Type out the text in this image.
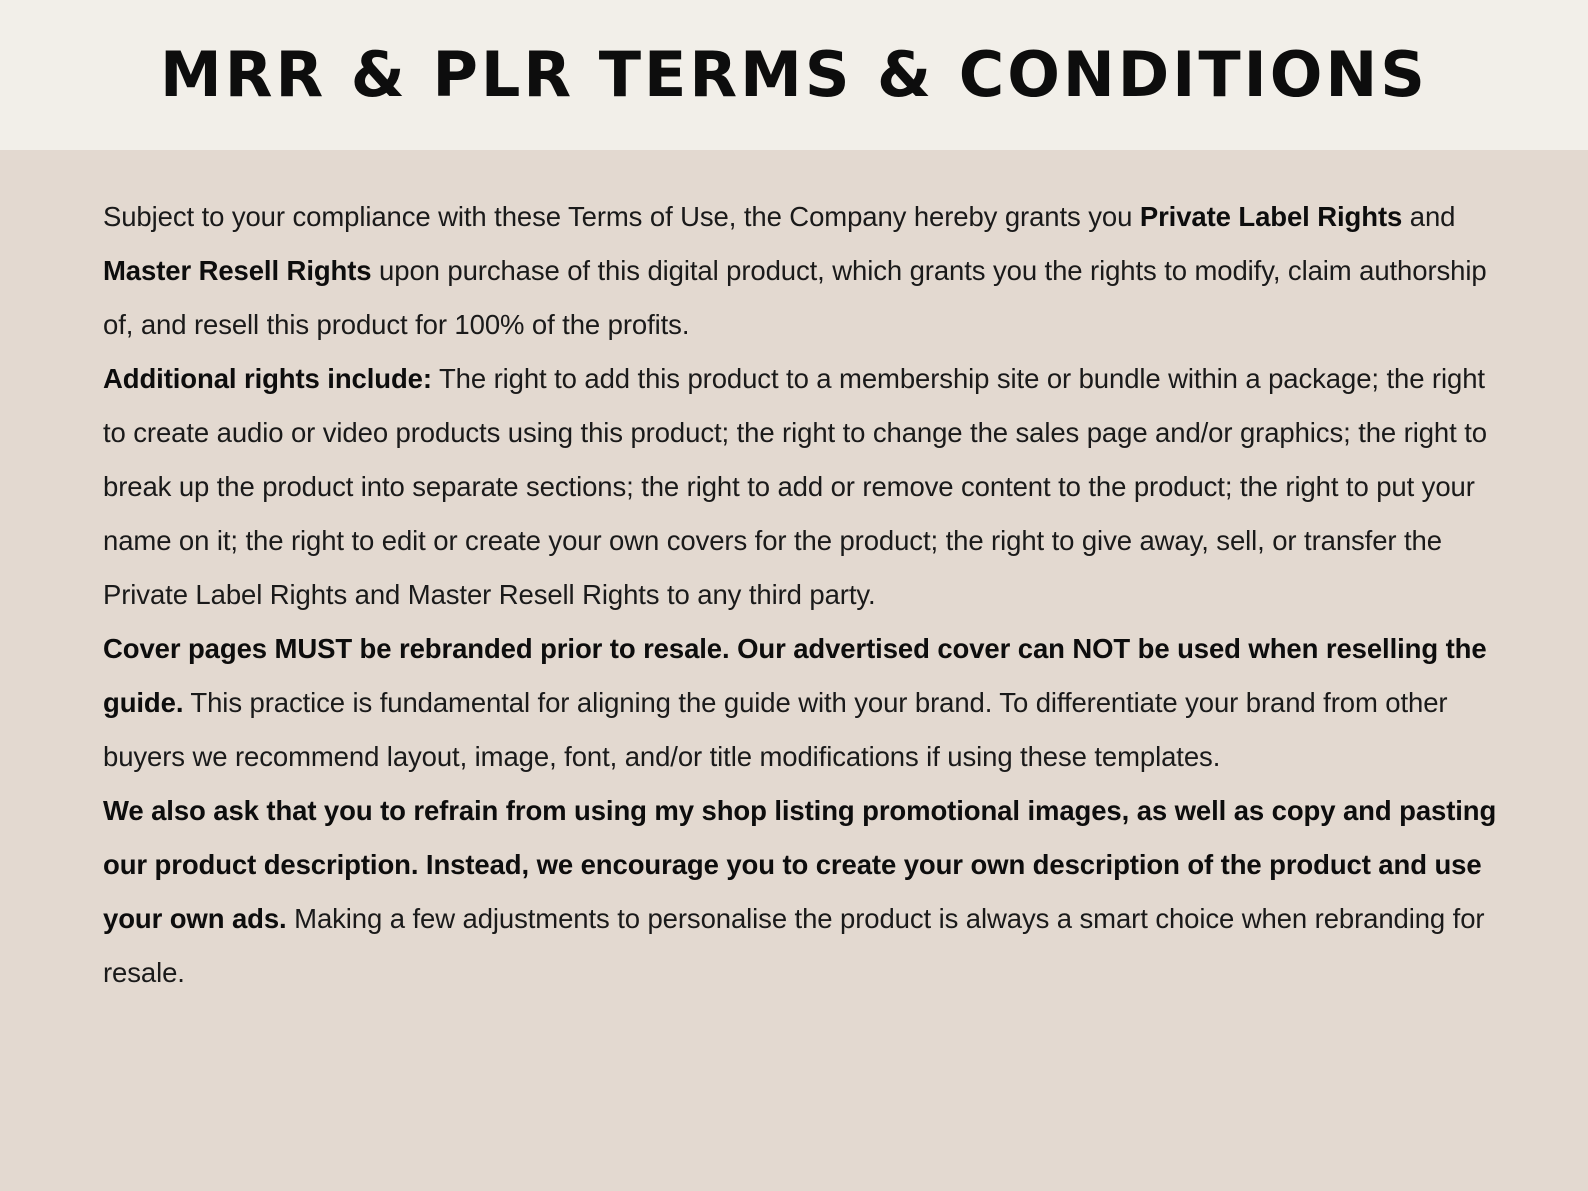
MRR & PLR TERMS & CONDITIONS

Subject to your compliance with these Terms of Use, the Company hereby grants you Private Label Rights and Master Resell Rights upon purchase of this digital product, which grants you the rights to modify, claim authorship of, and resell this product for 100% of the profits.

Additional rights include: The right to add this product to a membership site or bundle within a package; the right to create audio or video products using this product; the right to change the sales page and/or graphics; the right to break up the product into separate sections; the right to add or remove content to the product; the right to put your name on it; the right to edit or create your own covers for the product; the right to give away, sell, or transfer the Private Label Rights and Master Resell Rights to any third party.

Cover pages MUST be rebranded prior to resale. Our advertised cover can NOT be used when reselling the guide. This practice is fundamental for aligning the guide with your brand. To differentiate your brand from other buyers we recommend layout, image, font, and/or title modifications if using these templates.

We also ask that you to refrain from using my shop listing promotional images, as well as copy and pasting our product description. Instead, we encourage you to create your own description of the product and use your own ads. Making a few adjustments to personalise the product is always a smart choice when rebranding for resale.
